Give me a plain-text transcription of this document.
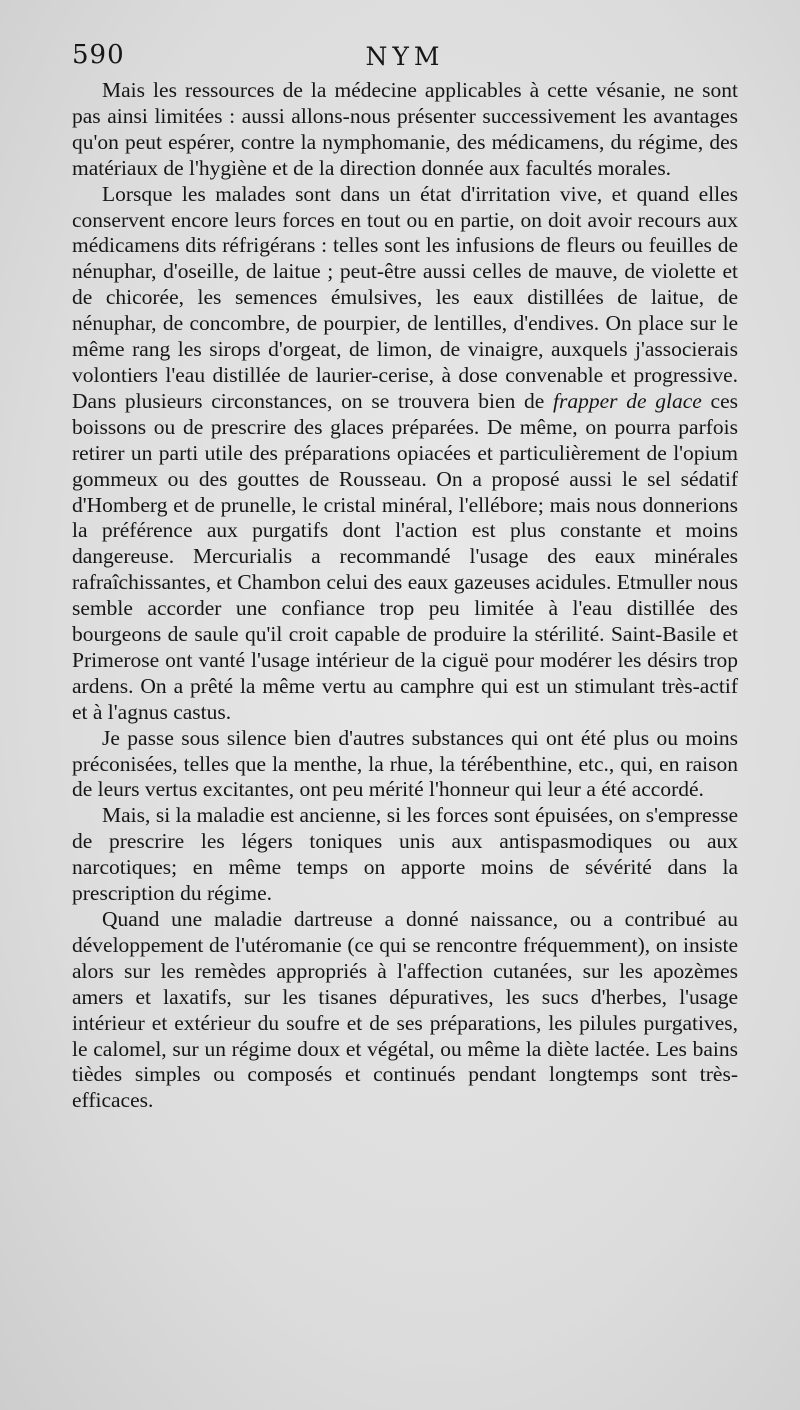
590	NYM

Mais les ressources de la médecine applicables à cette vésanie, ne sont pas ainsi limitées : aussi allons-nous présenter successivement les avantages qu'on peut espérer, contre la nymphomanie, des médicamens, du régime, des matériaux de l'hygiène et de la direction donnée aux facultés morales.

Lorsque les malades sont dans un état d'irritation vive, et quand elles conservent encore leurs forces en tout ou en partie, on doit avoir recours aux médicamens dits réfrigérans : telles sont les infusions de fleurs ou feuilles de nénuphar, d'oseille, de laitue ; peut-être aussi celles de mauve, de violette et de chicorée, les semences émulsives, les eaux distillées de laitue, de nénuphar, de concombre, de pourpier, de lentilles, d'endives. On place sur le même rang les sirops d'orgeat, de limon, de vinaigre, auxquels j'associerais volontiers l'eau distillée de laurier-cerise, à dose convenable et progressive. Dans plusieurs circonstances, on se trouvera bien de frapper de glace ces boissons ou de prescrire des glaces préparées. De même, on pourra parfois retirer un parti utile des préparations opiacées et particulièrement de l'opium gommeux ou des gouttes de Rousseau. On a proposé aussi le sel sédatif d'Homberg et de prunelle, le cristal minéral, l'ellébore; mais nous donnerions la préférence aux purgatifs dont l'action est plus constante et moins dangereuse. Mercurialis a recommandé l'usage des eaux minérales rafraîchissantes, et Chambon celui des eaux gazeuses acidules. Etmuller nous semble accorder une confiance trop peu limitée à l'eau distillée des bourgeons de saule qu'il croit capable de produire la stérilité. Saint-Basile et Primerose ont vanté l'usage intérieur de la ciguë pour modérer les désirs trop ardens. On a prêté la même vertu au camphre qui est un stimulant très-actif et à l'agnus castus.

Je passe sous silence bien d'autres substances qui ont été plus ou moins préconisées, telles que la menthe, la rhue, la térébenthine, etc., qui, en raison de leurs vertus excitantes, ont peu mérité l'honneur qui leur a été accordé.

Mais, si la maladie est ancienne, si les forces sont épuisées, on s'empresse de prescrire les légers toniques unis aux antispasmodiques ou aux narcotiques; en même temps on apporte moins de sévérité dans la prescription du régime.

Quand une maladie dartreuse a donné naissance, ou a contribué au développement de l'utéromanie (ce qui se rencontre fréquemment), on insiste alors sur les remèdes appropriés à l'affection cutanées, sur les apozèmes amers et laxatifs, sur les tisanes dépuratives, les sucs d'herbes, l'usage intérieur et extérieur du soufre et de ses préparations, les pilules purgatives, le calomel, sur un régime doux et végétal, ou même la diète lactée. Les bains tièdes simples ou composés et continués pendant longtemps sont très-efficaces.
